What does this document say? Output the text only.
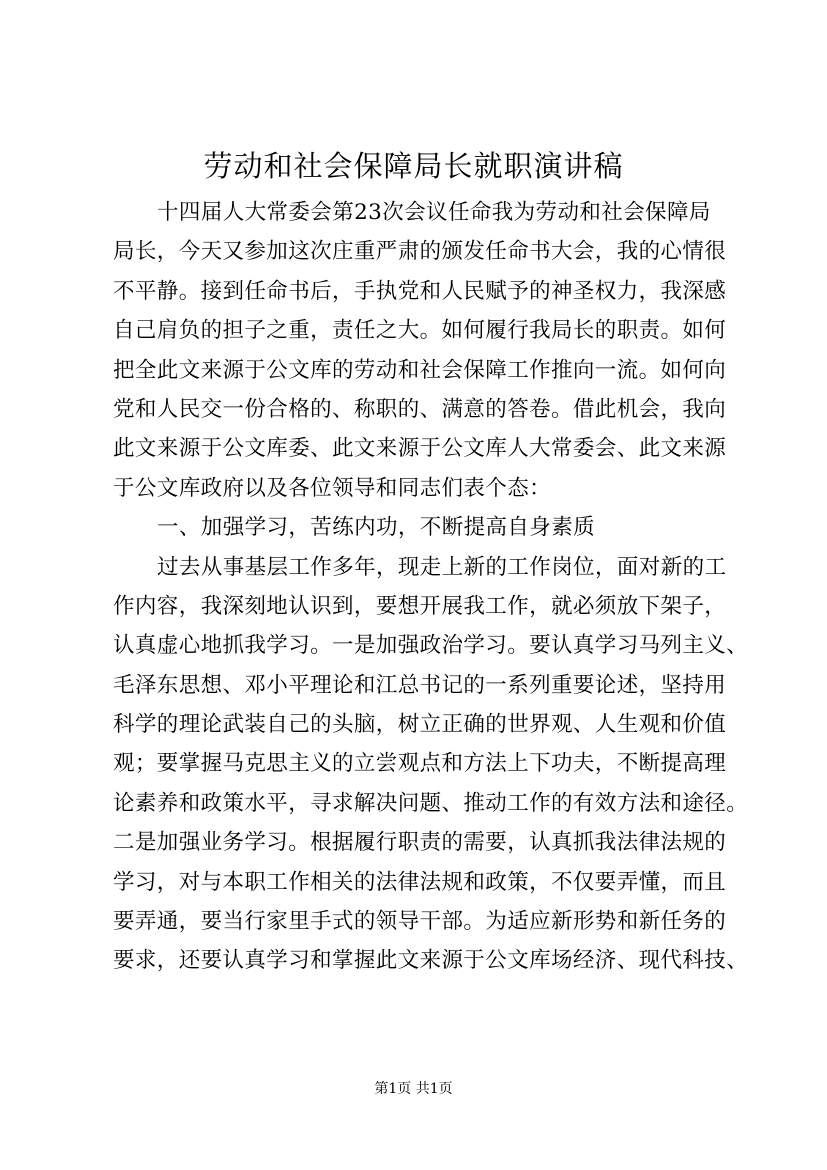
劳动和社会保障局长就职演讲稿
十四届人大常委会第23次会议任命我为劳动和社会保障局
局长，今天又参加这次庄重严肃的颁发任命书大会，我的心情很
不平静。接到任命书后，手执党和人民赋予的神圣权力，我深感
自己肩负的担子之重，责任之大。如何履行我局长的职责。如何
把全此文来源于公文库的劳动和社会保障工作推向一流。如何向
党和人民交一份合格的、称职的、满意的答卷。借此机会，我向
此文来源于公文库委、此文来源于公文库人大常委会、此文来源
于公文库政府以及各位领导和同志们表个态：
一、加强学习，苦练内功，不断提高自身素质
过去从事基层工作多年，现走上新的工作岗位，面对新的工
作内容，我深刻地认识到，要想开展我工作，就必须放下架子，
认真虚心地抓我学习。一是加强政治学习。要认真学习马列主义、
毛泽东思想、邓小平理论和江总书记的一系列重要论述，坚持用
科学的理论武装自己的头脑，树立正确的世界观、人生观和价值
观；要掌握马克思主义的立尝观点和方法上下功夫，不断提高理
论素养和政策水平，寻求解决问题、推动工作的有效方法和途径。
二是加强业务学习。根据履行职责的需要，认真抓我法律法规的
学习，对与本职工作相关的法律法规和政策，不仅要弄懂，而且
要弄通，要当行家里手式的领导干部。为适应新形势和新任务的
要求，还要认真学习和掌握此文来源于公文库场经济、现代科技、
第1页 共1页
